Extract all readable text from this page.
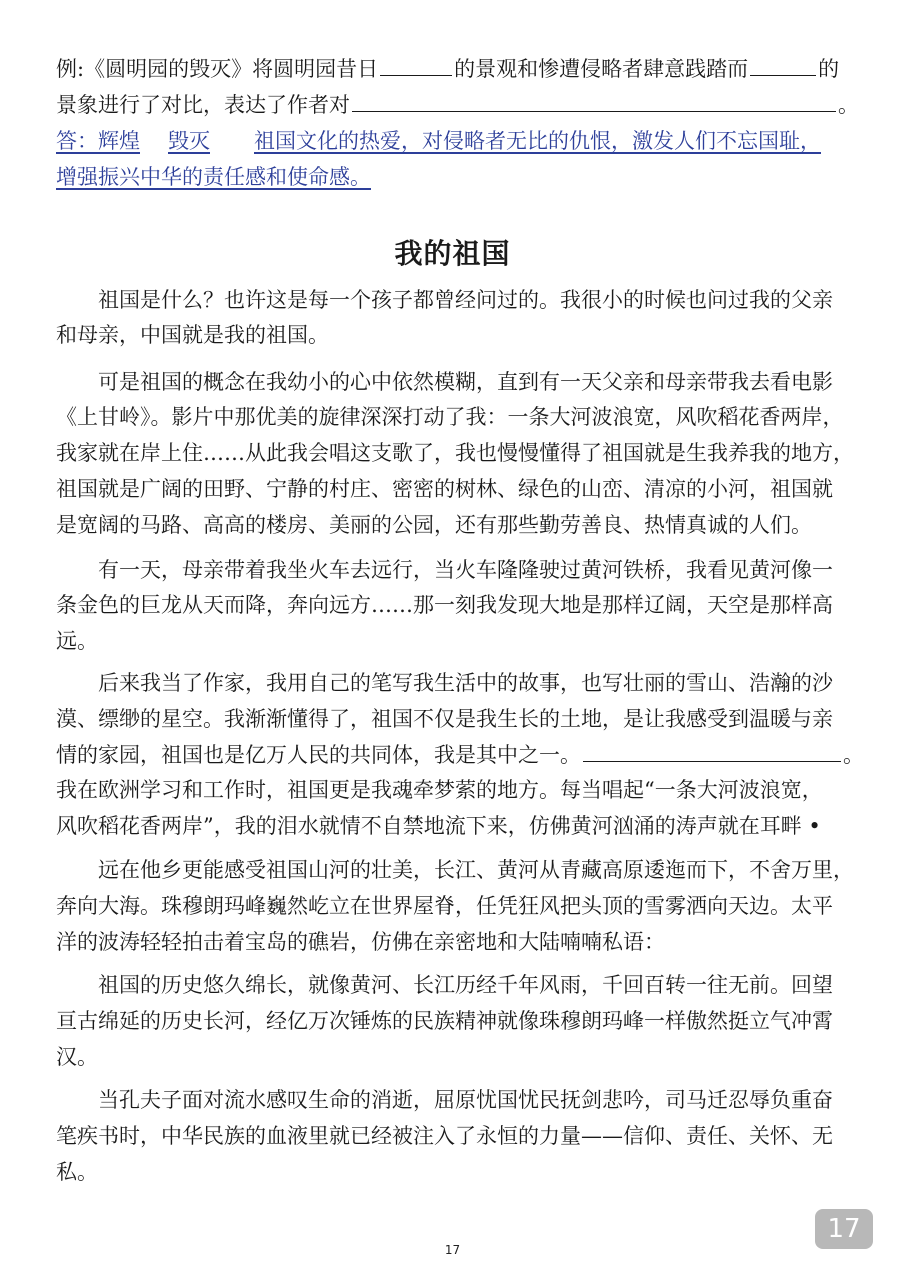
例:《圆明园的毁灭》将圆明园昔日	的景观和惨遭侵略者肆意践踏而	的
景象进行了对比，表达了作者对	。
答：辉煌 毁灭 祖国文化的热爱，对侵略者无比的仇恨，激发人们不忘国耻，
增强振兴中华的责任感和使命感。
我的祖国
　　祖国是什么？也许这是每一个孩子都曾经问过的。我很小的时候也问过我的父亲
和母亲，中国就是我的祖国。
　　可是祖国的概念在我幼小的心中依然模糊，直到有一天父亲和母亲带我去看电影
《上甘岭》。影片中那优美的旋律深深打动了我：一条大河波浪宽，风吹稻花香两岸，
我家就在岸上住……从此我会唱这支歌了，我也慢慢懂得了祖国就是生我养我的地方，
祖国就是广阔的田野、宁静的村庄、密密的树林、绿色的山峦、清凉的小河，祖国就
是宽阔的马路、高高的楼房、美丽的公园，还有那些勤劳善良、热情真诚的人们。
　　有一天，母亲带着我坐火车去远行，当火车隆隆驶过黄河铁桥，我看见黄河像一
条金色的巨龙从天而降，奔向远方……那一刻我发现大地是那样辽阔，天空是那样高
远。
　　后来我当了作家，我用自己的笔写我生活中的故事，也写壮丽的雪山、浩瀚的沙
漠、缥缈的星空。我渐渐懂得了，祖国不仅是我生长的土地，是让我感受到温暖与亲
情的家园，祖国也是亿万人民的共同体，我是其中之一。	。
我在欧洲学习和工作时，祖国更是我魂牵梦萦的地方。每当唱起“一条大河波浪宽，
风吹稻花香两岸”，我的泪水就情不自禁地流下来，仿佛黄河汹涌的涛声就在耳畔 •
　　远在他乡更能感受祖国山河的壮美，长江、黄河从青藏高原逶迤而下，不舍万里，
奔向大海。珠穆朗玛峰巍然屹立在世界屋脊，任凭狂风把头顶的雪雾洒向天边。太平
洋的波涛轻轻拍击着宝岛的礁岩，仿佛在亲密地和大陆喃喃私语：
　　祖国的历史悠久绵长，就像黄河、长江历经千年风雨，千回百转一往无前。回望
亘古绵延的历史长河，经亿万次锤炼的民族精神就像珠穆朗玛峰一样傲然挺立气冲霄
汉。
　　当孔夫子面对流水感叹生命的消逝，屈原忧国忧民抚剑悲吟，司马迁忍辱负重奋
笔疾书时，中华民族的血液里就已经被注入了永恒的力量——信仰、责任、关怀、无
私。
17
17
